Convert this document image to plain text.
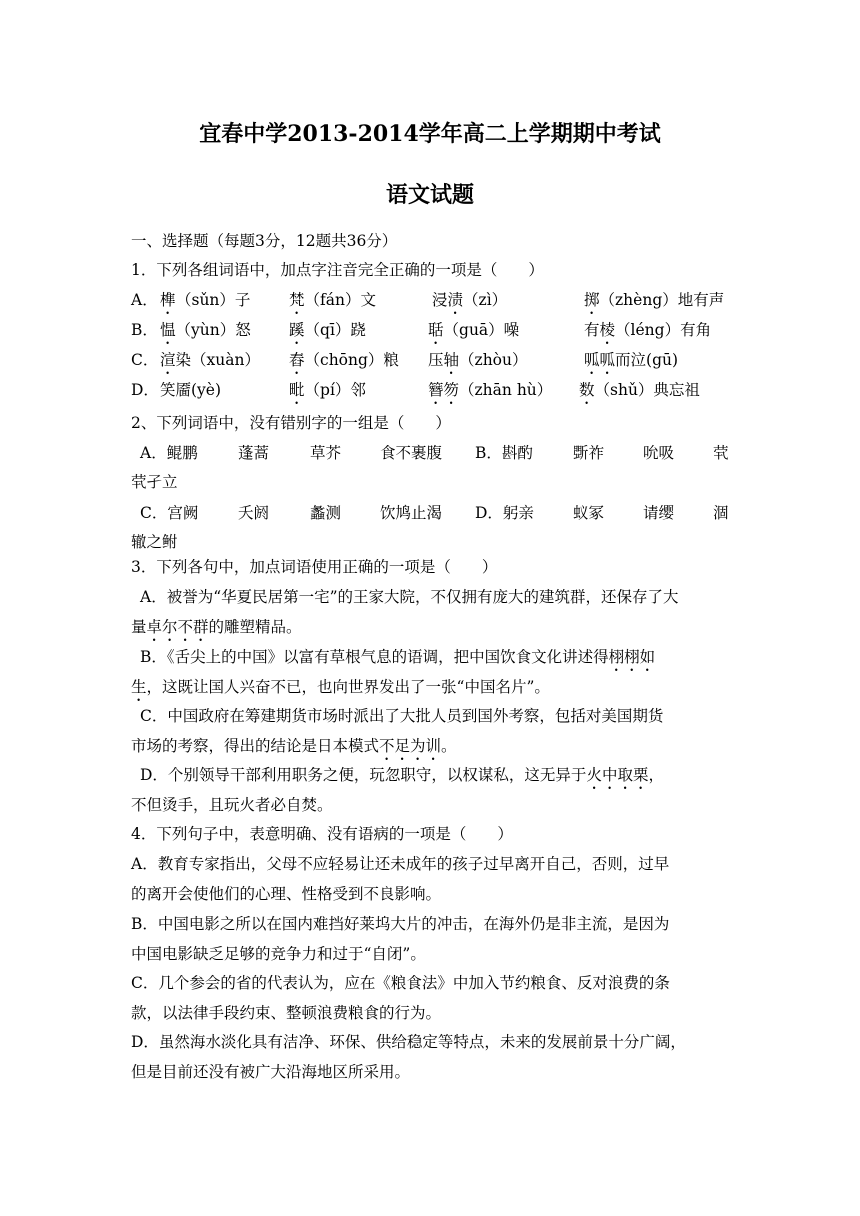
宜春中学2013-2014学年高二上学期期中考试
语文试题
一、选择题（每题3分，12题共36分）
1．下列各组词语中，加点字注音完全正确的一项是（　　）
A． 榫 （sǔn）子 梵（fán）文	浸渍（zì）	掷（zhèng）地有声
B． 愠（yùn）怒 蹊（qī）跷	聒（guā）噪	有棱（léng）有角
C． 渲染（xuàn） 舂（chōng）粮 压轴（zhòu）	呱呱而泣(gū)
D． 笑靥(yè)	毗（pí）邻	簪笏（zhān hù） 数（shǔ）典忘祖
2、下列词语中，没有错别字的一组是（　　）
A．鲲鹏	蓬蒿	草芥	食不裹腹 B．斟酌	斲祚	吮吸	茕
茕孑立
C．宫阙	夭阏	蠡测	饮鸠止渴 D．躬亲	蚁冢	请缨	涸
辙之鲋
3．下列各句中，加点词语使用正确的一项是（　　）
A．被誉为“华夏民居第一宅”的王家大院，不仅拥有庞大的建筑群，还保存了大
量卓尔不群的雕塑精品。
B．《舌尖上的中国》以富有草根气息的语调，把中国饮食文化讲述得栩栩如
生，这既让国人兴奋不已，也向世界发出了一张“中国名片”。
C．中国政府在筹建期货市场时派出了大批人员到国外考察，包括对美国期货
市场的考察，得出的结论是日本模式不足为训。
D．个别领导干部利用职务之便，玩忽职守，以权谋私，这无异于火中取栗，
不但烫手，且玩火者必自焚。
4．下列句子中，表意明确、没有语病的一项是（　　）
A．教育专家指出，父母不应轻易让还未成年的孩子过早离开自己，否则，过早
的离开会使他们的心理、性格受到不良影响。
B．中国电影之所以在国内难挡好莱坞大片的冲击，在海外仍是非主流，是因为
中国电影缺乏足够的竞争力和过于“自闭”。
C．几个参会的省的代表认为，应在《粮食法》中加入节约粮食、反对浪费的条
款，以法律手段约束、整顿浪费粮食的行为。
D．虽然海水淡化具有洁净、环保、供给稳定等特点，未来的发展前景十分广阔，
但是目前还没有被广大沿海地区所采用。
